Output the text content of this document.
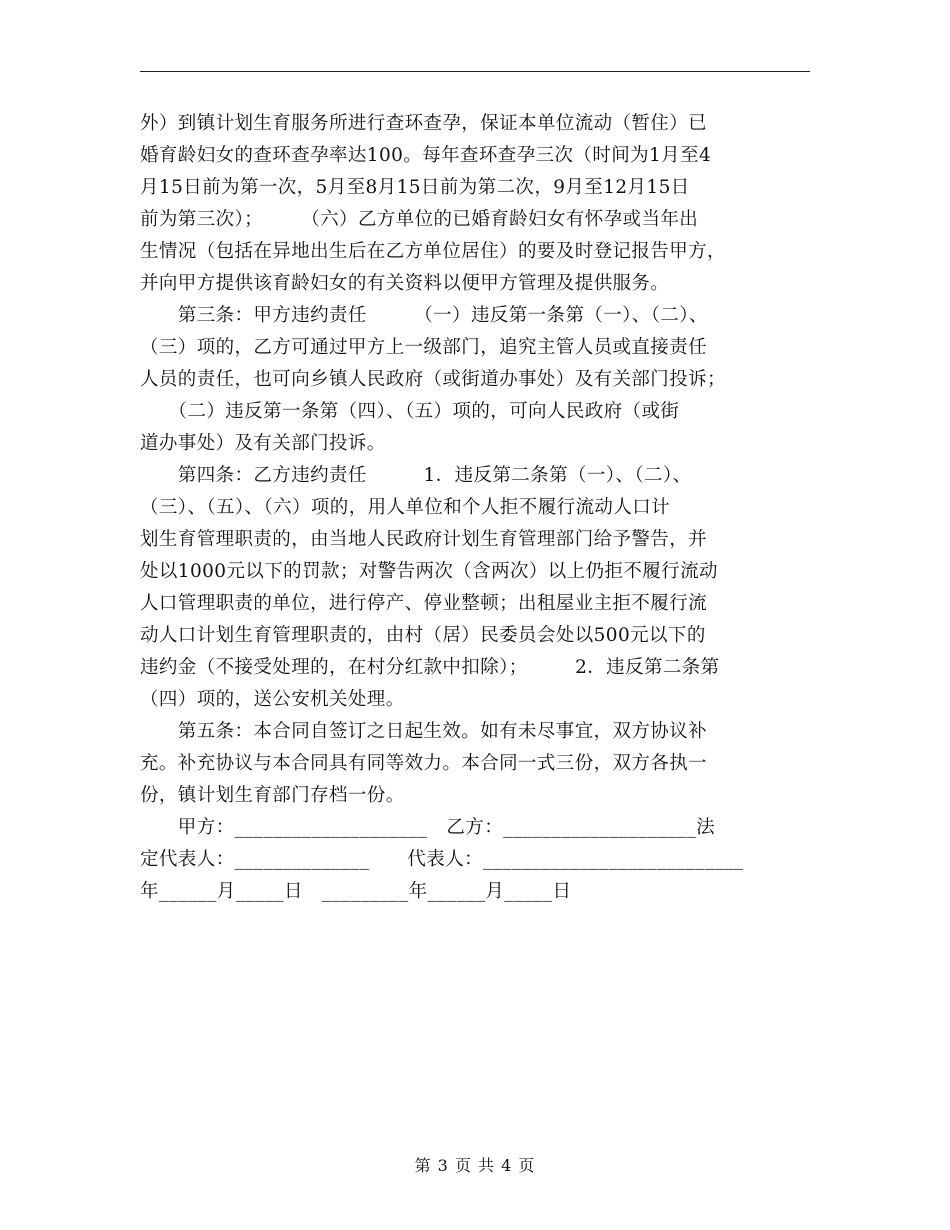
外）到镇计划生育服务所进行查环查孕，保证本单位流动（暂住）已
婚育龄妇女的查环查孕率达100。每年查环查孕三次（时间为1月至4
月15日前为第一次，5月至8月15日前为第二次，9月至12月15日
前为第三次）；　　　（六）乙方单位的已婚育龄妇女有怀孕或当年出
生情况（包括在异地出生后在乙方单位居住）的要及时登记报告甲方，
并向甲方提供该育龄妇女的有关资料以便甲方管理及提供服务。
　　第三条：甲方违约责任　　　（一）违反第一条第（一）、（二）、
（三）项的，乙方可通过甲方上一级部门，追究主管人员或直接责任
人员的责任，也可向乡镇人民政府（或街道办事处）及有关部门投诉；
　　（二）违反第一条第（四）、（五）项的，可向人民政府（或街
道办事处）及有关部门投诉。
　　第四条：乙方违约责任　　　1．违反第二条第（一）、（二）、
（三）、（五）、（六）项的，用人单位和个人拒不履行流动人口计
划生育管理职责的，由当地人民政府计划生育管理部门给予警告，并
处以1000元以下的罚款；对警告两次（含两次）以上仍拒不履行流动
人口管理职责的单位，进行停产、停业整顿；出租屋业主拒不履行流
动人口计划生育管理职责的，由村（居）民委员会处以500元以下的
违约金（不接受处理的，在村分红款中扣除）；　　　2．违反第二条第
（四）项的，送公安机关处理。
　　第五条：本合同自签订之日起生效。如有未尽事宜，双方协议补
充。补充协议与本合同具有同等效力。本合同一式三份，双方各执一
份，镇计划生育部门存档一份。
　　甲方：____________________　乙方：____________________法
定代表人：______________　　代表人：___________________________
年______月_____日　_________年______月_____日
第 3 页 共 4 页
